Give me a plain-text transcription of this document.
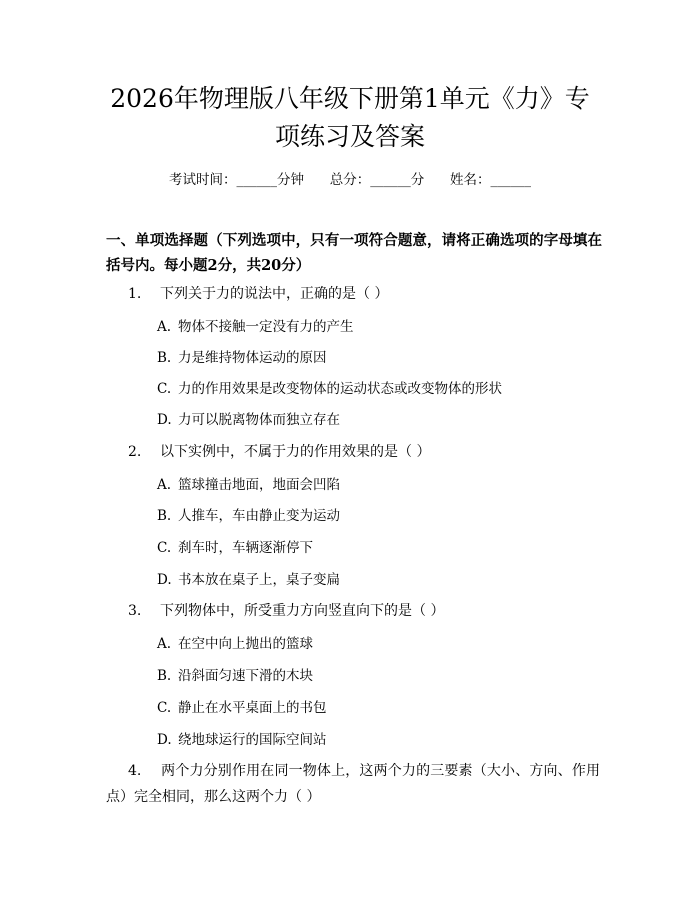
2026年物理版八年级下册第1单元《力》专
项练习及答案
考试时间：______分钟 总分：______分 姓名：______
一、单项选择题（下列选项中，只有一项符合题意，请将正确选项的字母填在括号内。每小题2分，共20分）
1. 下列关于力的说法中，正确的是（ ）
A. 物体不接触一定没有力的产生
B. 力是维持物体运动的原因
C. 力的作用效果是改变物体的运动状态或改变物体的形状
D. 力可以脱离物体而独立存在
2. 以下实例中，不属于力的作用效果的是（ ）
A. 篮球撞击地面，地面会凹陷
B. 人推车，车由静止变为运动
C. 刹车时，车辆逐渐停下
D. 书本放在桌子上，桌子变扁
3. 下列物体中，所受重力方向竖直向下的是（ ）
A. 在空中向上抛出的篮球
B. 沿斜面匀速下滑的木块
C. 静止在水平桌面上的书包
D. 绕地球运行的国际空间站
4. 两个力分别作用在同一物体上，这两个力的三要素（大小、方向、作用点）完全相同，那么这两个力（ ）
